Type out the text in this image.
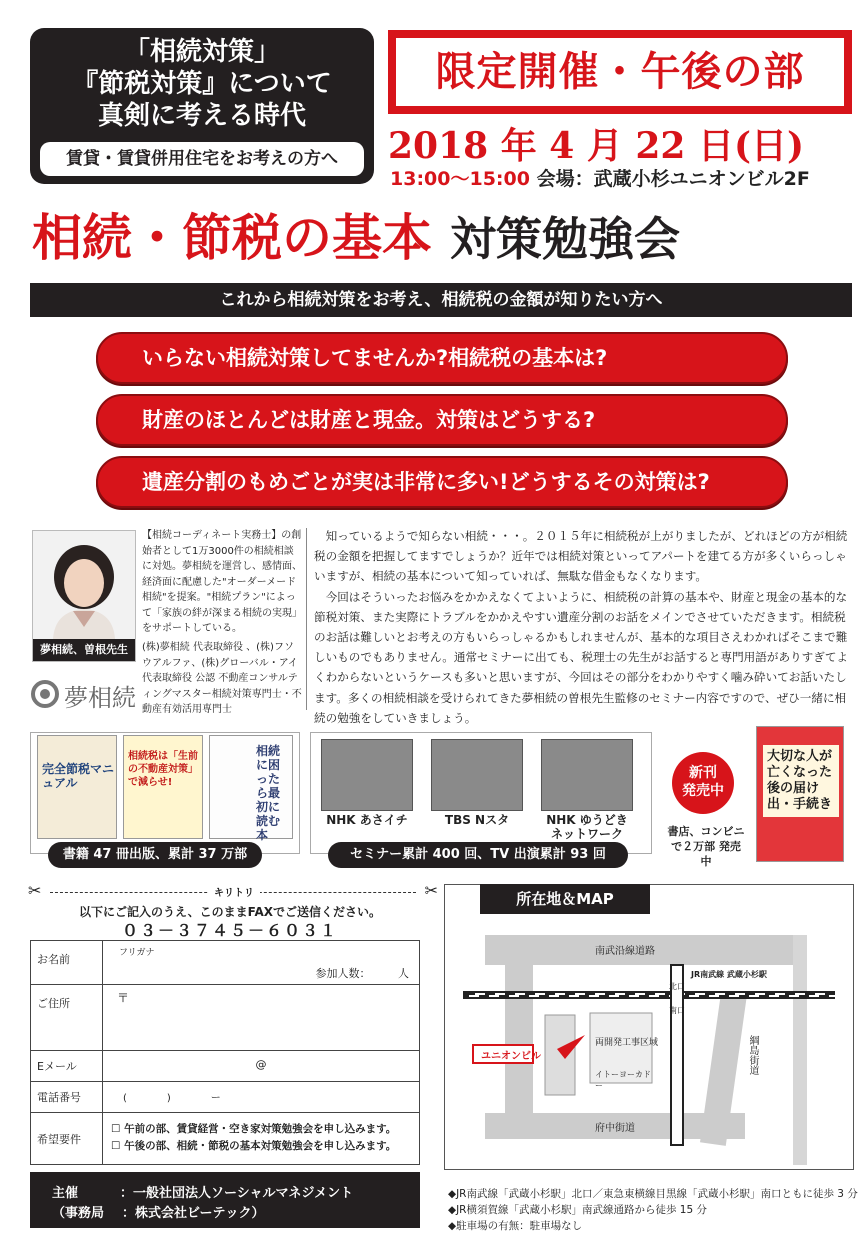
「相続対策」
『節税対策』について
真剣に考える時代
賃貸・賃貸併用住宅をお考えの方へ
限定開催・午後の部
2018 年 4 月 22 日(日)
13:00〜15:00 会場：武蔵小杉ユニオンビル2F
相続・節税の基本 対策勉強会
これから相続対策をお考え、相続税の金額が知りたい方へ
いらない相続対策してませんか?相続税の基本は?
財産のほとんどは財産と現金。対策はどうする?
遺産分割のもめごとが実は非常に多い!どうするその対策は?
夢相続、曽根先生
夢相続
【相続コーディネート実務士】の創始者として1万3000件の相続相談に対処。夢相続を運営し、感情面、経済面に配慮した"オーダーメード相続"を提案。"相続プラン"によって「家族の絆が深まる相続の実現」をサポートしている。
(株)夢相続 代表取締役 、(株)フソウアルファ、(株)グローバル・アイ 代表取締役 公認 不動産コンサルティングマスター相続対策専門士・不動産有効活用専門士

知っているようで知らない相続・・・。２０１５年に相続税が上がりましたが、どれほどの方が相続税の金額を把握してますでしょうか？近年では相続対策といってアパートを建てる方が多くいらっしゃいますが、相続の基本について知っていれば、無駄な借金もなくなります。

今回はそういったお悩みをかかえなくてよいように、相続税の計算の基本や、財産と現金の基本的な節税対策、また実際にトラブルをかかえやすい遺産分割のお話をメインでさせていただきます。相続税のお話は難しいとお考えの方もいらっしゃるかもしれませんが、基本的な項目さえわかればそこまで難しいものでもありません。通常セミナーに出ても、税理士の先生がお話すると専門用語がありすぎてよくわからないというケースも多いと思いますが、今回はその部分をわかりやすく噛み砕いてお話いたします。多くの相続相談を受けられてきた夢相続の曽根先生監修のセミナー内容ですので、ぜひ一緒に相続の勉強をしていきましょう。

完全節税マニュアル
相続税は「生前の不動産対策」で減らせ!
相続に困ったら最初に読む本
書籍 47 冊出版、累計 37 万部
NHK あさイチ	TBS Nスタ	NHK ゆうどき
ネットワーク
セミナー累計 400 回、TV 出演累計 93 回
新刊
発売中
書店、コンビニで２万部 発売中
大切な人が亡くなった後の届け出・手続き
✂	キリトリ	✂
以下にご記入のうえ、このままFAXでご送信ください。
０３－３７４５－６０３１
お名前	フリガナ
参加人数：　　　人

ご住所	〒

Eメール	@
電話番号	(　　　　)　　　　ー
希望要件	☐ 午前の部、賃貸経営・空き家対策勉強会を申し込みます。
☐ 午後の部、相続・節税の基本対策勉強会を申し込みます。
主催	：一般社団法人ソーシャルマネジメント
（事務局 ：株式会社ビーテック）
ユニオンビル
南武沿線道路
府中街道
綱島街道
JR南武線 武蔵小杉駅
北口
南口
両開発工事区域
イトーヨーカドー
所在地＆MAP
◆JR南武線「武蔵小杉駅」北口／東急東横線目黒線「武蔵小杉駅」南口ともに徒歩 3 分
◆JR横須賀線「武蔵小杉駅」南武線通路から徒歩 15 分
◆駐車場の有無：駐車場なし
